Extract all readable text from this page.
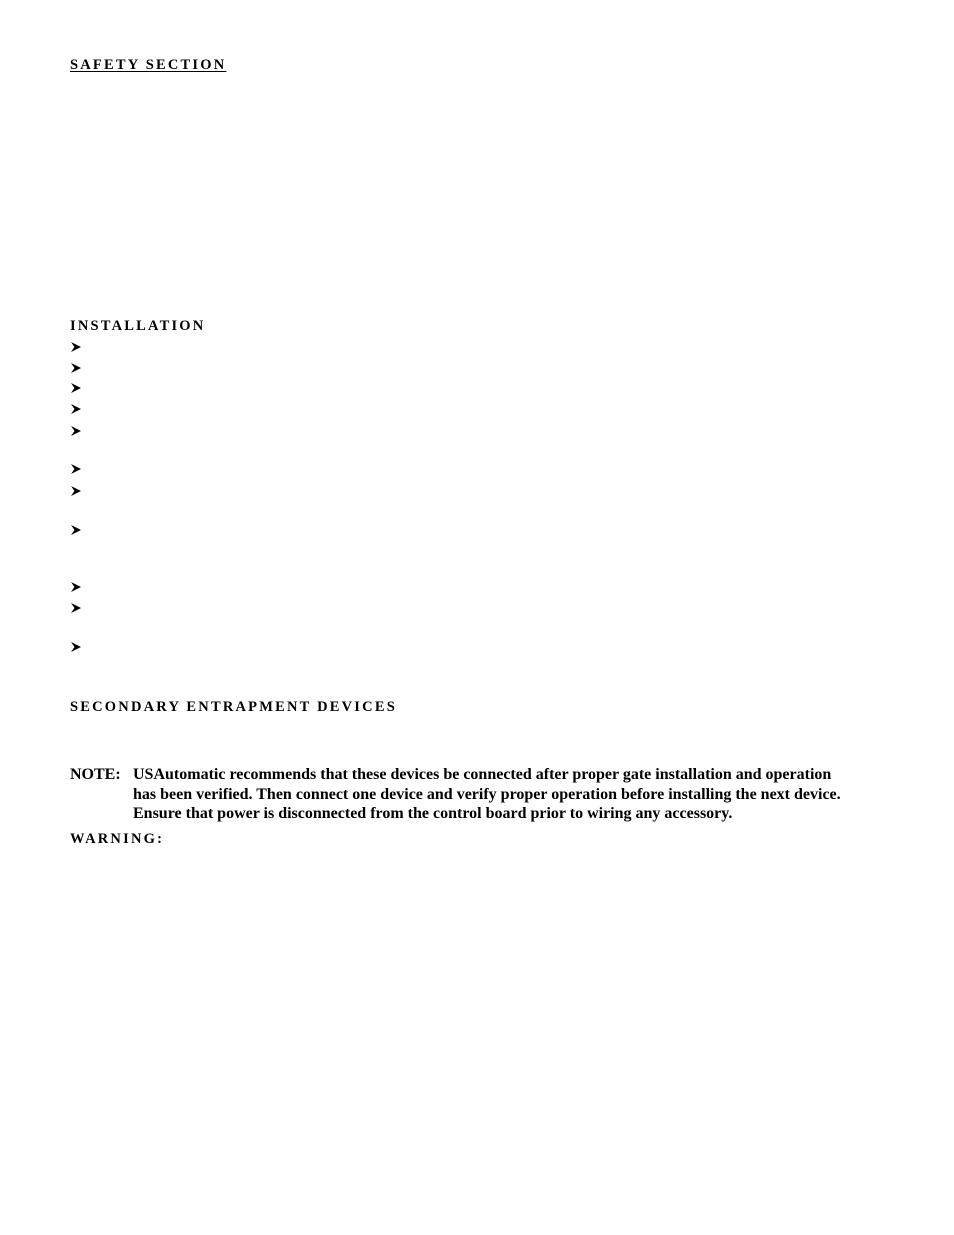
SAFETY SECTION
INSTALLATION
SECONDARY ENTRAPMENT DEVICES
NOTE: USAutomatic recommends that these devices be connected after proper gate installation and operation
has been verified. Then connect one device and verify proper operation before installing the next device.
Ensure that power is disconnected from the control board prior to wiring any accessory.
WARNING:
